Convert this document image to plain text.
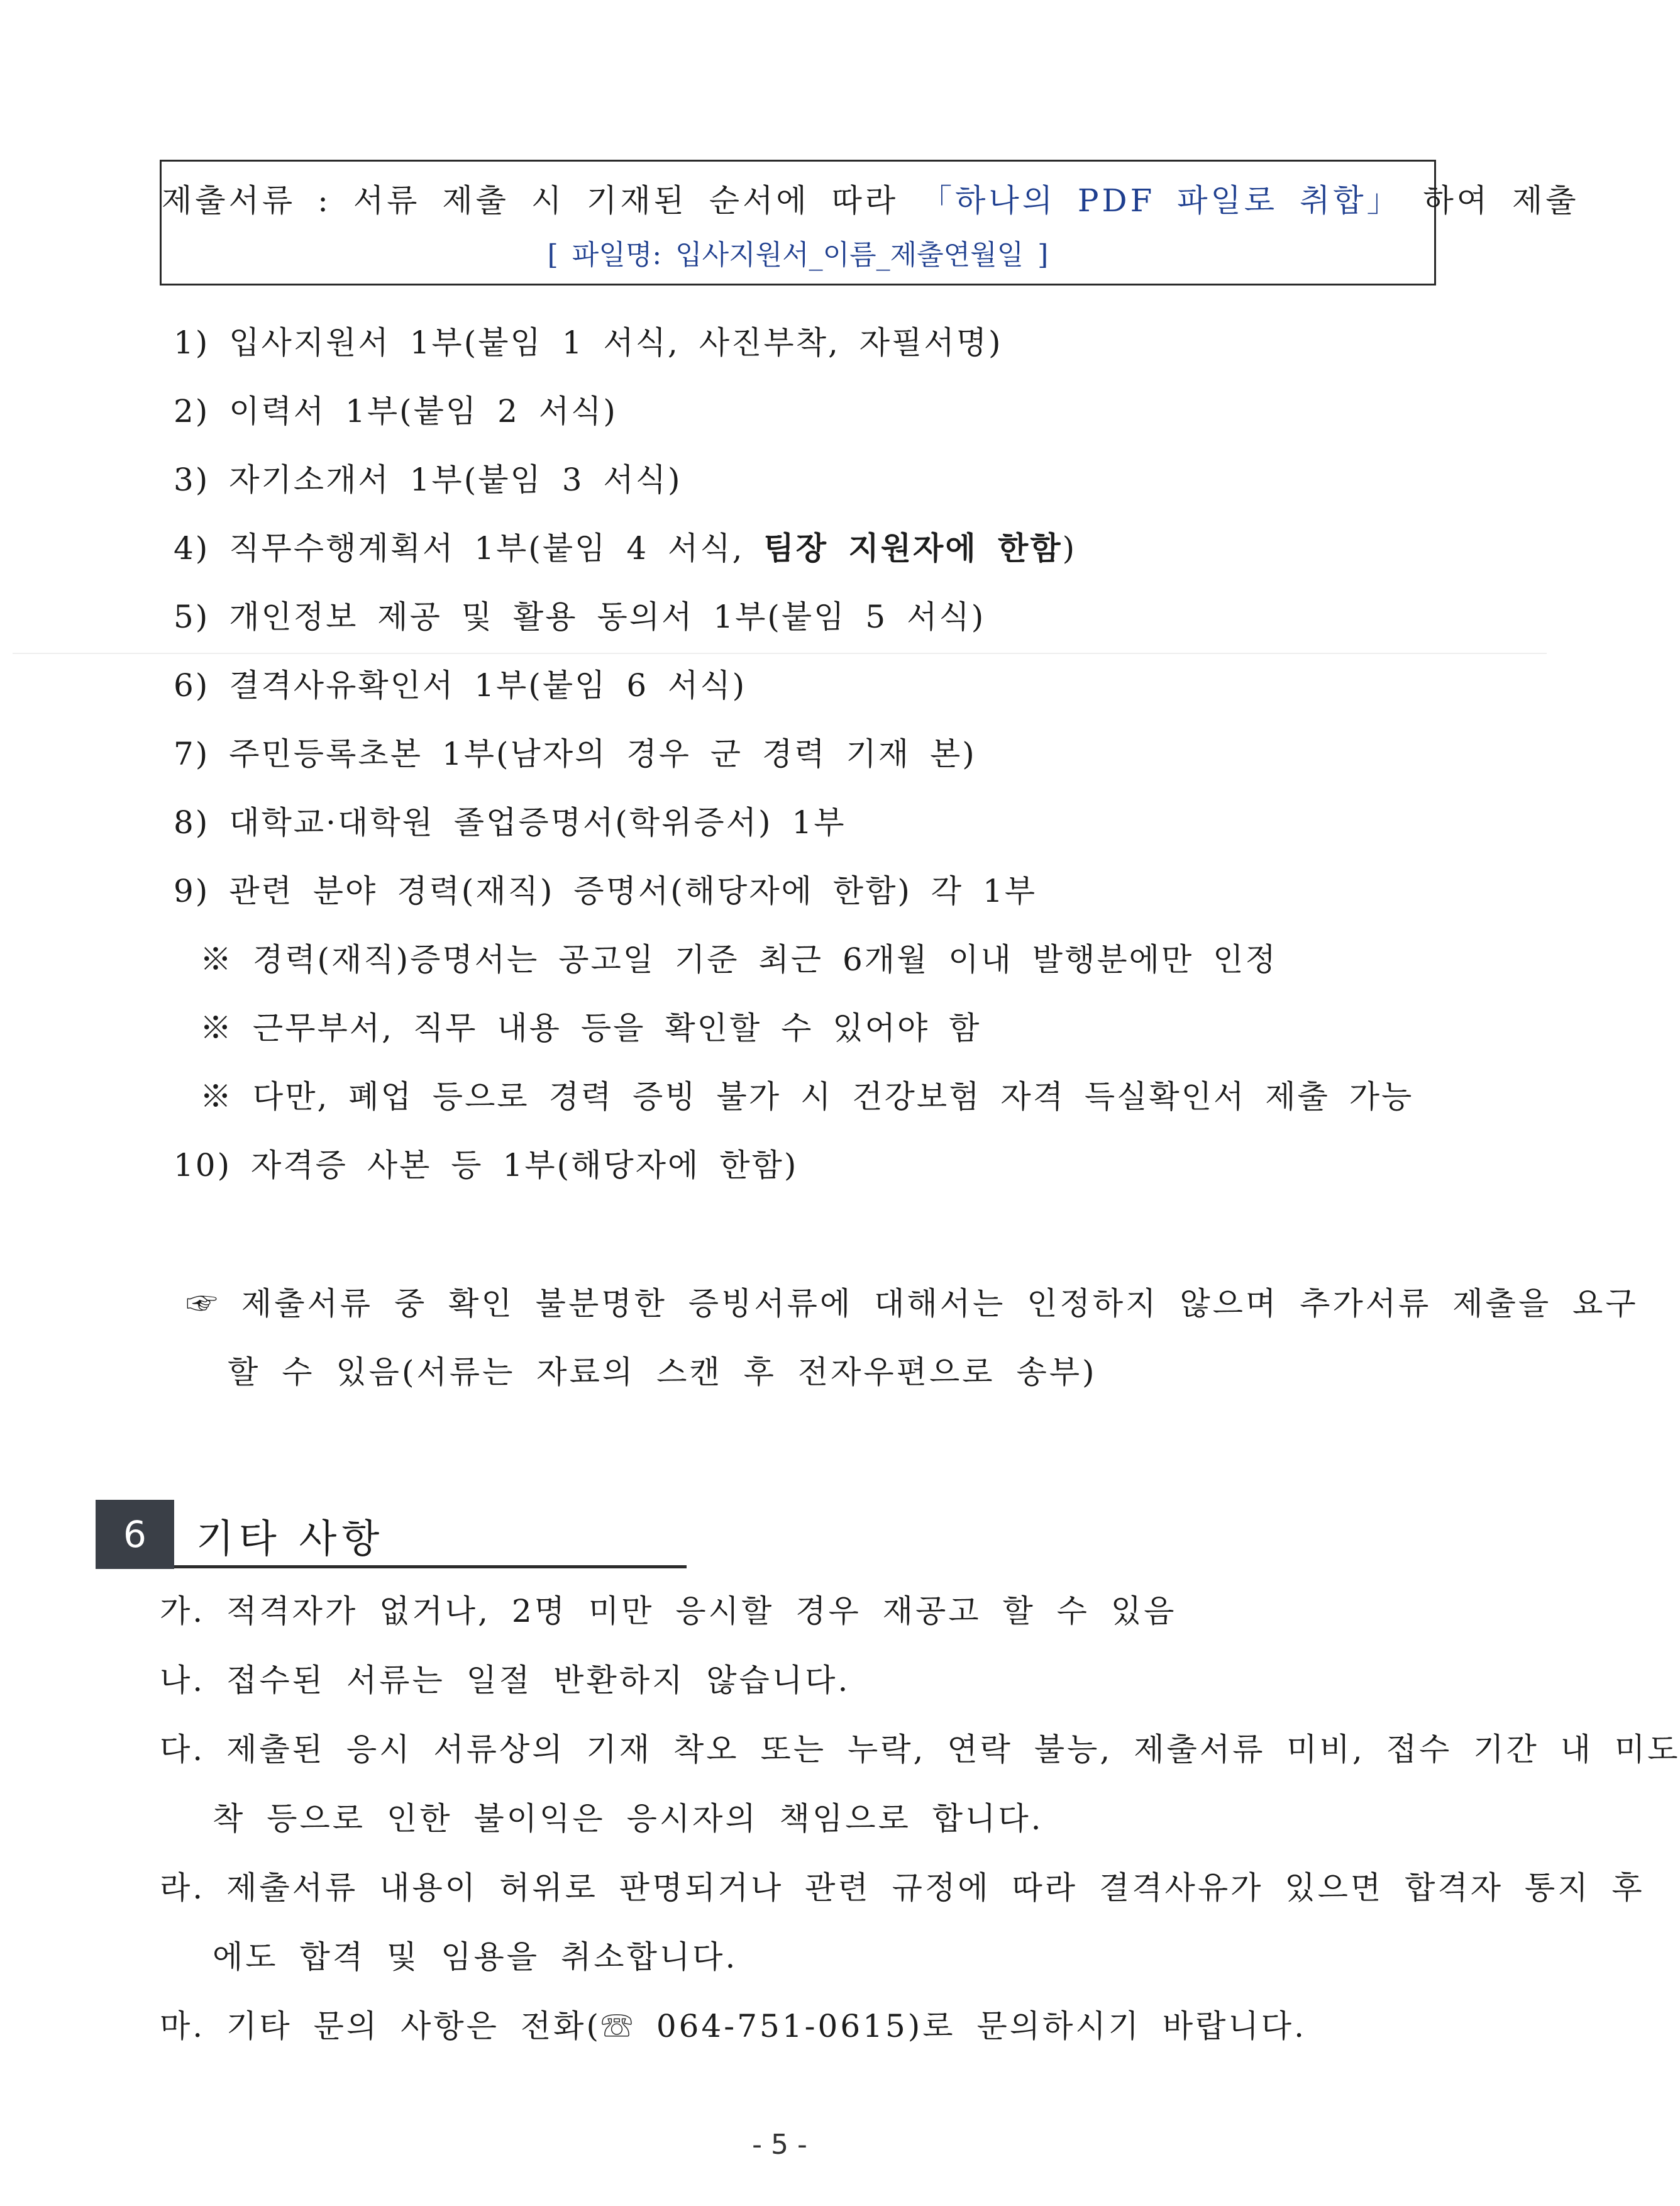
제출서류 : 서류 제출 시 기재된 순서에 따라 「하나의 PDF 파일로 취합」 하여 제출
[ 파일명: 입사지원서_이름_제출연월일 ]
1) 입사지원서 1부(붙임 1 서식, 사진부착, 자필서명)
2) 이력서 1부(붙임 2 서식)
3) 자기소개서 1부(붙임 3 서식)
4) 직무수행계획서 1부(붙임 4 서식, 팀장 지원자에 한함)
5) 개인정보 제공 및 활용 동의서 1부(붙임 5 서식)
6) 결격사유확인서 1부(붙임 6 서식)
7) 주민등록초본 1부(남자의 경우 군 경력 기재 본)
8) 대학교·대학원 졸업증명서(학위증서) 1부
9) 관련 분야 경력(재직) 증명서(해당자에 한함) 각 1부
※ 경력(재직)증명서는 공고일 기준 최근 6개월 이내 발행분에만 인정
※ 근무부서, 직무 내용 등을 확인할 수 있어야 함
※ 다만, 폐업 등으로 경력 증빙 불가 시 건강보험 자격 득실확인서 제출 가능
10) 자격증 사본 등 1부(해당자에 한함)
☞ 제출서류 중 확인 불분명한 증빙서류에 대해서는 인정하지 않으며 추가서류 제출을 요구
할 수 있음(서류는 자료의 스캔 후 전자우편으로 송부)
6	기타 사항
가. 적격자가 없거나, 2명 미만 응시할 경우 재공고 할 수 있음
나. 접수된 서류는 일절 반환하지 않습니다.
다. 제출된 응시 서류상의 기재 착오 또는 누락, 연락 불능, 제출서류 미비, 접수 기간 내 미도
착 등으로 인한 불이익은 응시자의 책임으로 합니다.
라. 제출서류 내용이 허위로 판명되거나 관련 규정에 따라 결격사유가 있으면 합격자 통지 후
에도 합격 및 임용을 취소합니다.
마. 기타 문의 사항은 전화(☏ 064-751-0615)로 문의하시기 바랍니다.
- 5 -
